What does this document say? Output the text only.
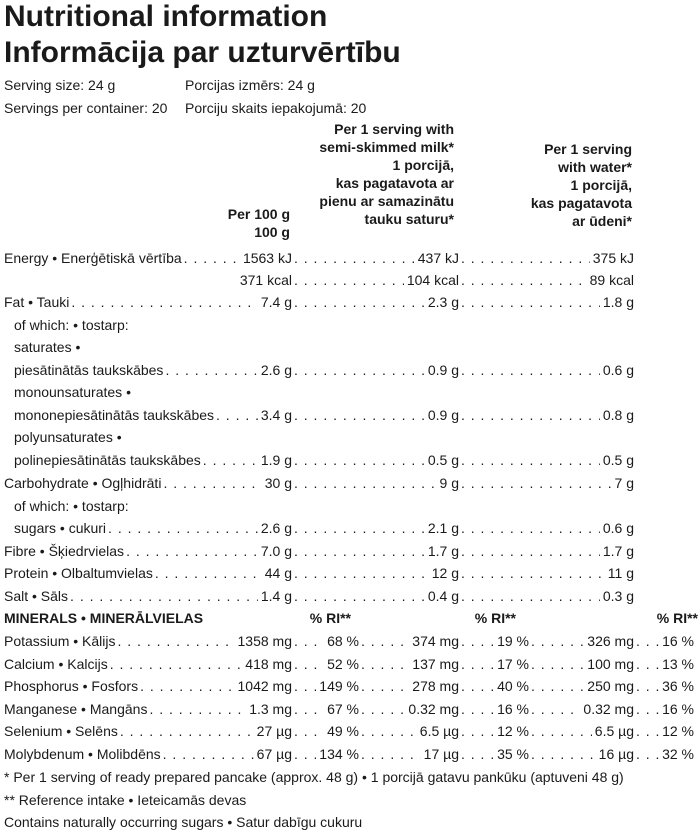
Nutritional information
Informācija par uzturvērtību
Serving size: 24 g	Porcijas izmērs: 24 g
Servings per container: 20 Porciju skaits iepakojumā: 20
Per 100 g
100 g
Per 1 serving with
semi-skimmed milk*
1 porcijā,
kas pagatavota ar
pienu ar samazinātu
tauku saturu*
Per 1 serving
with water*
1 porcijā,
kas pagatavota
ar ūdeni*
Energy • Enerģētiskā vērtība	1563 kJ	437 kJ	375 kJ
. . .
. . .
. . .
371 kcal	104 kcal	89 kcal
. . .
. . .
Fat • Tauki	7.4 g	2.3 g	1.8 g
. . .
. . .
. . .
of which: • tostarp:
saturates •
piesātinātās taukskābes	2.6 g	0.9 g	0.6 g
. . .
. . .
. . .
monounsaturates •
mononepiesātinātās taukskābes	3.4 g	0.9 g	0.8 g
. . .
. . .
. . .
polyunsaturates •
polinepiesātinātās taukskābes	1.9 g	0.5 g	0.5 g
. . .
. . .
. . .
Carbohydrate • Ogļhidrāti	30 g	9 g	7 g
. . .
. . .
. . .
of which: • tostarp:
sugars • cukuri	2.6 g	2.1 g	0.6 g
. . .
. . .
. . .
Fibre • Šķiedrvielas	7.0 g	1.7 g	1.7 g
. . .
. . .
. . .
Protein • Olbaltumvielas	44 g	12 g	11 g
. . .
. . .
. . .
Salt • Sāls	1.4 g	0.4 g	0.3 g
. . .
. . .
. . .
MINERALS • MINERĀLVIELAS	% RI**	% RI**	% RI**
Potassium • Kālijs	1358 mg	68 %	374 mg	19 %	326 mg 16 %
. . .
. . .
. . .
. . .
. . .
. . .
Calcium • Kalcijs	418 mg	52 %	137 mg	17 %	100 mg 13 %
. . .
. . .
. . .
. . .
. . .
. . .
Phosphorus • Fosfors	1042 mg 149 %	278 mg	40 %	250 mg 36 %
. . .
. . .
. . .
. . .
. . .
. . .
Manganese • Mangāns	1.3 mg	67 %	0.32 mg	16 %	0.32 mg 16 %
. . .
. . .
. . .
. . .
. . .
. . .
Selenium • Selēns	27 µg	49 %	6.5 µg	12 %	6.5 µg 12 %
. . .
. . .
. . .
. . .
. . .
. . .
Molybdenum • Molibdēns	67 µg 134 %	17 µg	35 %	16 µg 32 %
. . .
. . .
. . .
. . .
. . .
. . .
* Per 1 serving of ready prepared pancake (approx. 48 g) • 1 porcijā gatavu pankūku (aptuveni 48 g)
** Reference intake • Ieteicamās devas
Contains naturally occurring sugars • Satur dabīgu cukuru
